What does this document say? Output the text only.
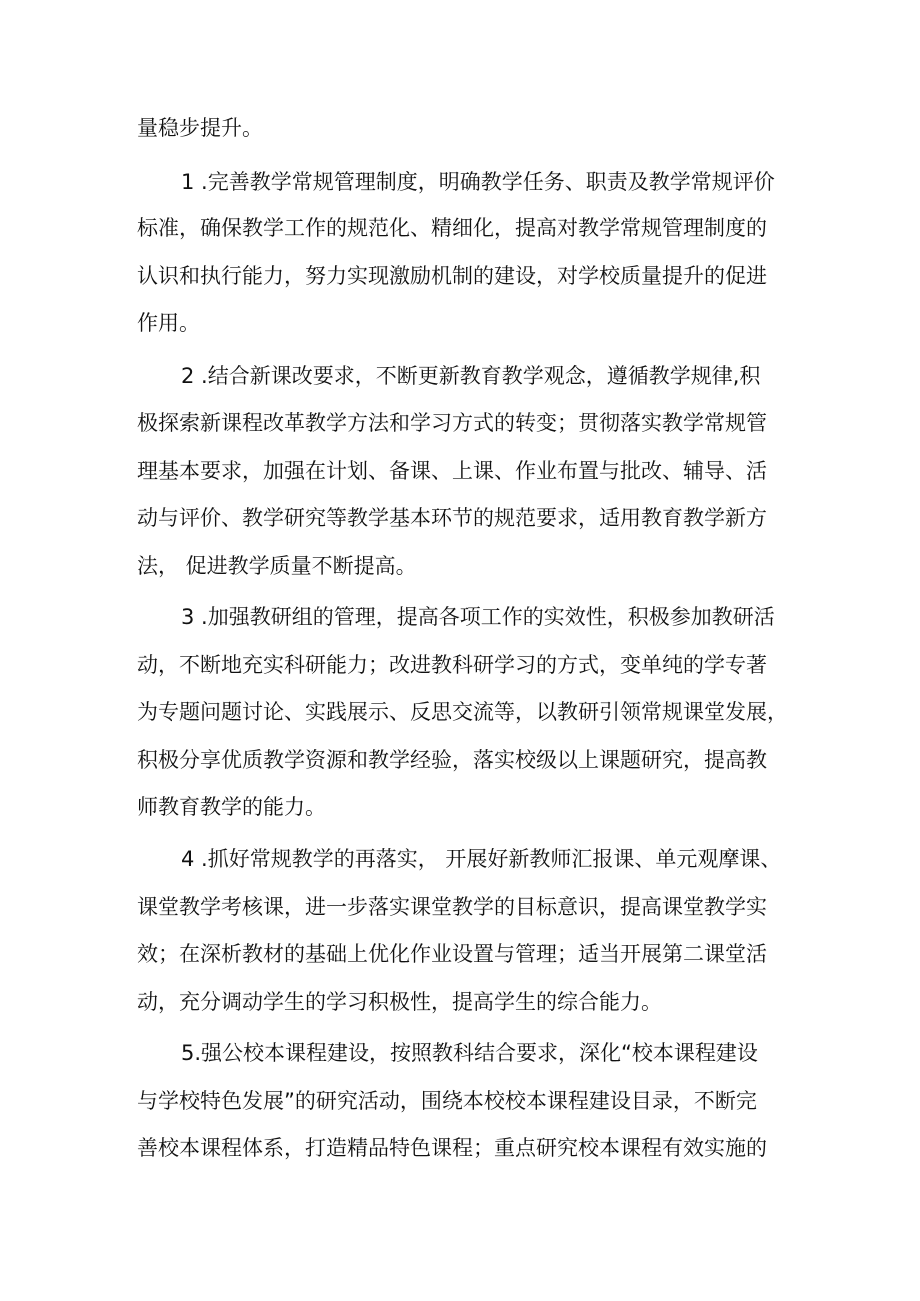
量稳步提升。
1 .完善教学常规管理制度，明确教学任务、职责及教学常规评价
标准，确保教学工作的规范化、精细化，提高对教学常规管理制度的
认识和执行能力，努力实现激励机制的建设，对学校质量提升的促进
作用。
2 .结合新课改要求，不断更新教育教学观念，遵循教学规律,积
极探索新课程改革教学方法和学习方式的转变；贯彻落实教学常规管
理基本要求，加强在计划、备课、上课、作业布置与批改、辅导、活
动与评价、教学研究等教学基本环节的规范要求，适用教育教学新方
法， 促进教学质量不断提高。
3 .加强教研组的管理，提高各项工作的实效性，积极参加教研活
动，不断地充实科研能力；改进教科研学习的方式，变单纯的学专著
为专题问题讨论、实践展示、反思交流等，以教研引领常规课堂发展，
积极分享优质教学资源和教学经验，落实校级以上课题研究，提高教
师教育教学的能力。
4 .抓好常规教学的再落实， 开展好新教师汇报课、单元观摩课、
课堂教学考核课，进一步落实课堂教学的目标意识，提高课堂教学实
效；在深析教材的基础上优化作业设置与管理；适当开展第二课堂活
动，充分调动学生的学习积极性，提高学生的综合能力。
5.强公校本课程建设，按照教科结合要求，深化“校本课程建设
与学校特色发展”的研究活动，围绕本校校本课程建设目录，不断完
善校本课程体系，打造精品特色课程；重点研究校本课程有效实施的
